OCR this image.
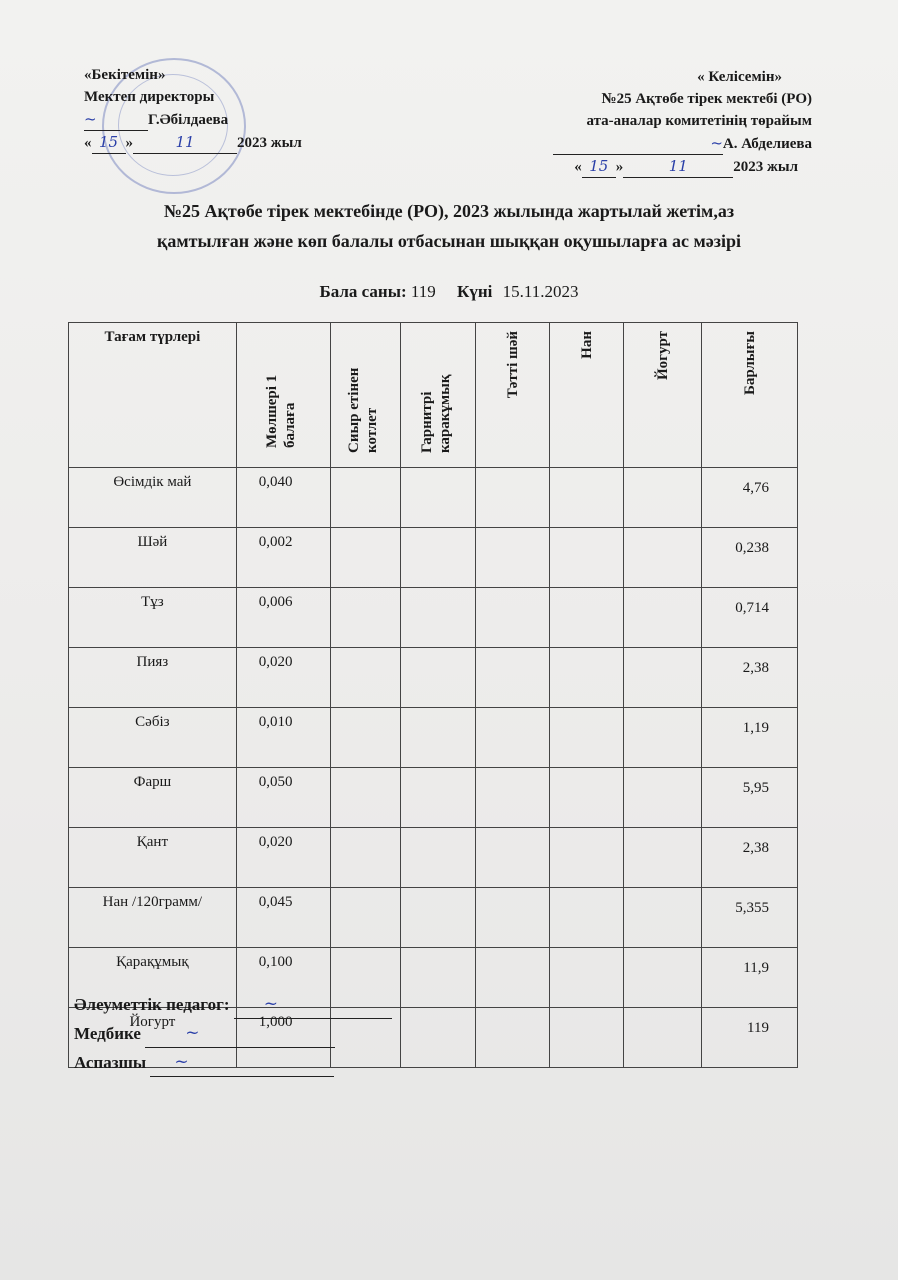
«Бекітемін»
Мектеп директоры
~	Г.Әбілдаева
« 15 »	11	2023 жыл
« Келісемін»
№25 Ақтөбе тірек мектебі (РО)
ата-аналар комитетінің төрайым
~А. Абделиева
« 15 »	11	2023 жыл
№25 Ақтөбе тірек мектебінде (РО), 2023 жылында жартылай жетім,аз
қамтылған және көп балалы отбасынан шыққан оқушыларға ас мәзірі
Бала саны: 119 Күні 15.11.2023
Тағам түрлері	Мөлшері 1 балаға	Сиыр етінен котлет	Гарнитрі каракұмық	Тәтті шәй	Нан	Йогурт	Барлығы
Өсімдік май	0,040						4,76
Шәй	0,002						0,238
Тұз	0,006						0,714
Пияз	0,020						2,38
Сәбіз	0,010						1,19
Фарш	0,050						5,95
Қант	0,020						2,38
Нан /120грамм/	0,045						5,355
Қарақұмық	0,100						11,9
Йогурт	1,000						119
Әлеуметтік педагог: ~
Медбике	~
Аспазшы ~
